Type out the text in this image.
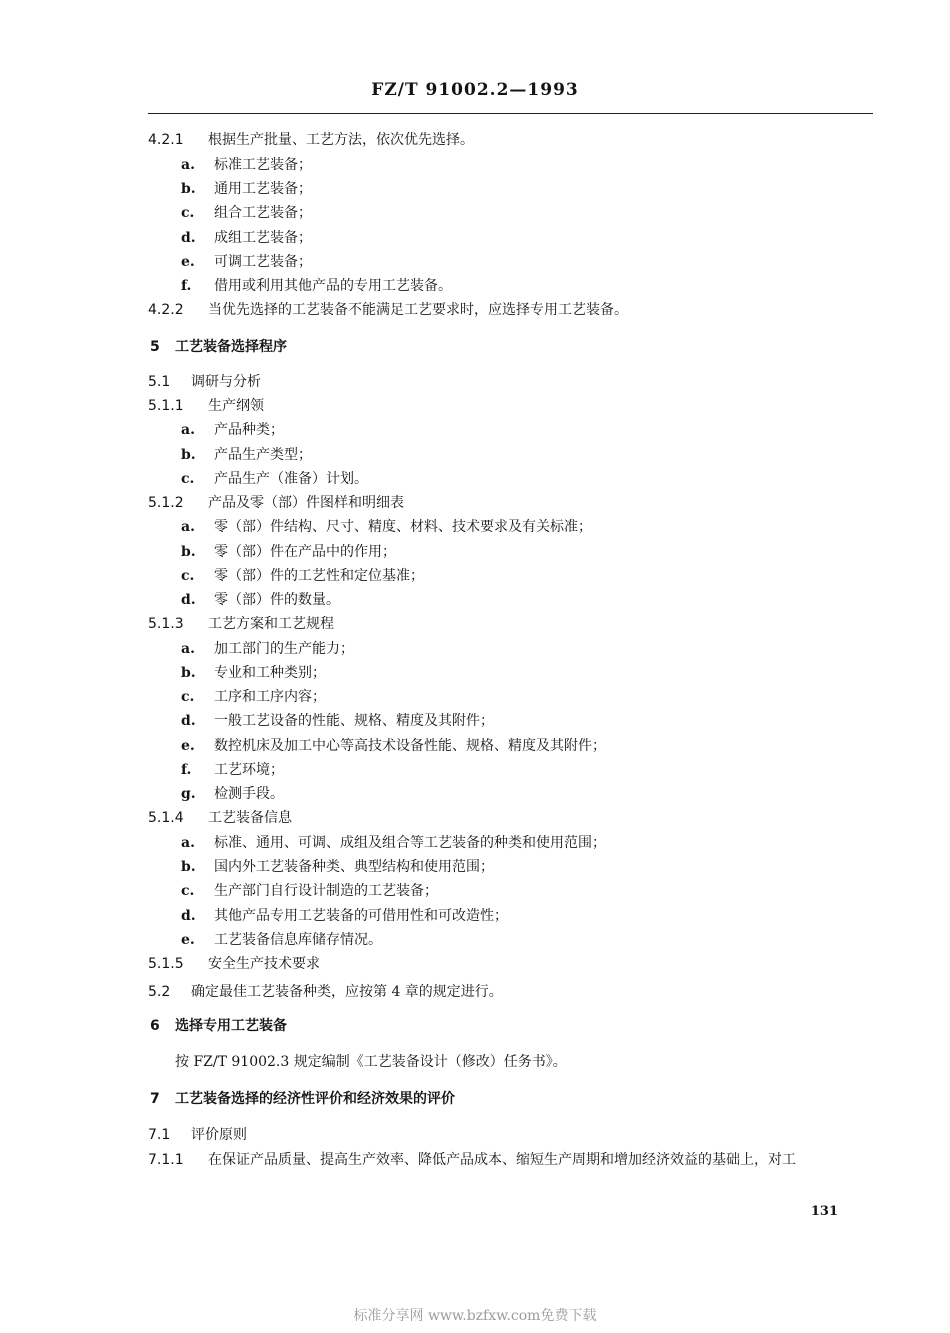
FZ/T 91002.2—1993
4.2.1 根据生产批量、工艺方法，依次优先选择。
a. 标准工艺装备；
b. 通用工艺装备；
c. 组合工艺装备；
d. 成组工艺装备；
e. 可调工艺装备；
f. 借用或利用其他产品的专用工艺装备。
4.2.2 当优先选择的工艺装备不能满足工艺要求时，应选择专用工艺装备。
5 工艺装备选择程序
5.1 调研与分析
5.1.1 生产纲领
a. 产品种类；
b. 产品生产类型；
c. 产品生产（准备）计划。
5.1.2 产品及零（部）件图样和明细表
a. 零（部）件结构、尺寸、精度、材料、技术要求及有关标准；
b. 零（部）件在产品中的作用；
c. 零（部）件的工艺性和定位基准；
d. 零（部）件的数量。
5.1.3 工艺方案和工艺规程
a. 加工部门的生产能力；
b. 专业和工种类别；
c. 工序和工序内容；
d. 一般工艺设备的性能、规格、精度及其附件；
e. 数控机床及加工中心等高技术设备性能、规格、精度及其附件；
f. 工艺环境；
g. 检测手段。
5.1.4 工艺装备信息
a. 标准、通用、可调、成组及组合等工艺装备的种类和使用范围；
b. 国内外工艺装备种类、典型结构和使用范围；
c. 生产部门自行设计制造的工艺装备；
d. 其他产品专用工艺装备的可借用性和可改造性；
e. 工艺装备信息库储存情况。
5.1.5 安全生产技术要求
5.2 确定最佳工艺装备种类，应按第 4 章的规定进行。
6 选择专用工艺装备
按 FZ/T 91002.3 规定编制《工艺装备设计（修改）任务书》。
7 工艺装备选择的经济性评价和经济效果的评价
7.1 评价原则
7.1.1 在保证产品质量、提高生产效率、降低产品成本、缩短生产周期和增加经济效益的基础上，对工
131
标准分享网 www.bzfxw.com免费下载
